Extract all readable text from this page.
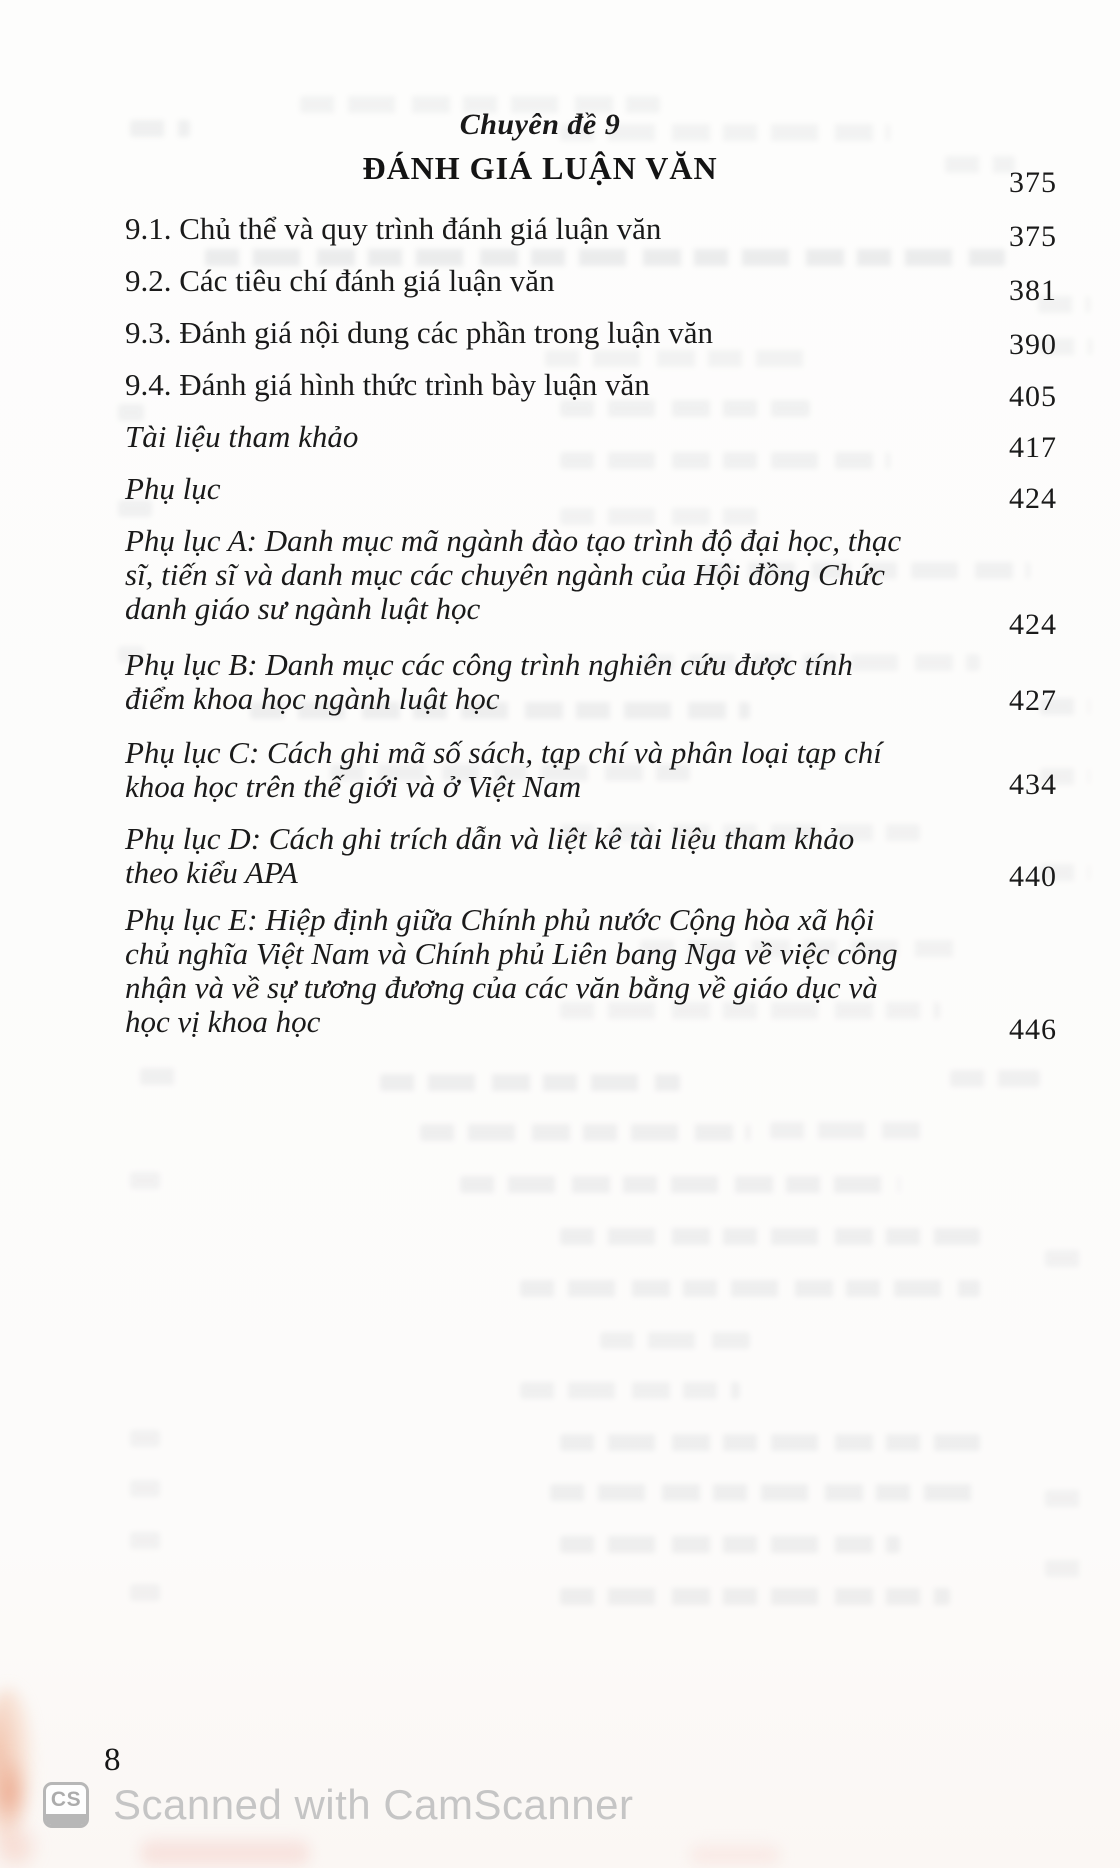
Chuyên đề 9
ĐÁNH GIÁ LUẬN VĂN	375
9.1. Chủ thể và quy trình đánh giá luận văn	375
9.2. Các tiêu chí đánh giá luận văn	381
9.3. Đánh giá nội dung các phần trong luận văn	390
9.4. Đánh giá hình thức trình bày luận văn	405
Tài liệu tham khảo	417
Phụ lục	424
Phụ lục A: Danh mục mã ngành đào tạo trình độ đại học, thạc
sĩ, tiến sĩ và danh mục các chuyên ngành của Hội đồng Chức
danh giáo sư ngành luật học	424
Phụ lục B: Danh mục các công trình nghiên cứu được tính
điểm khoa học ngành luật học	427
Phụ lục C: Cách ghi mã số sách, tạp chí và phân loại tạp chí
khoa học trên thế giới và ở Việt Nam	434
Phụ lục D: Cách ghi trích dẫn và liệt kê tài liệu tham khảo
theo kiểu APA	440
Phụ lục E: Hiệp định giữa Chính phủ nước Cộng hòa xã hội
chủ nghĩa Việt Nam và Chính phủ Liên bang Nga về việc công
nhận và về sự tương đương của các văn bằng về giáo dục và
học vị khoa học	446
8
CS Scanned with CamScanner
